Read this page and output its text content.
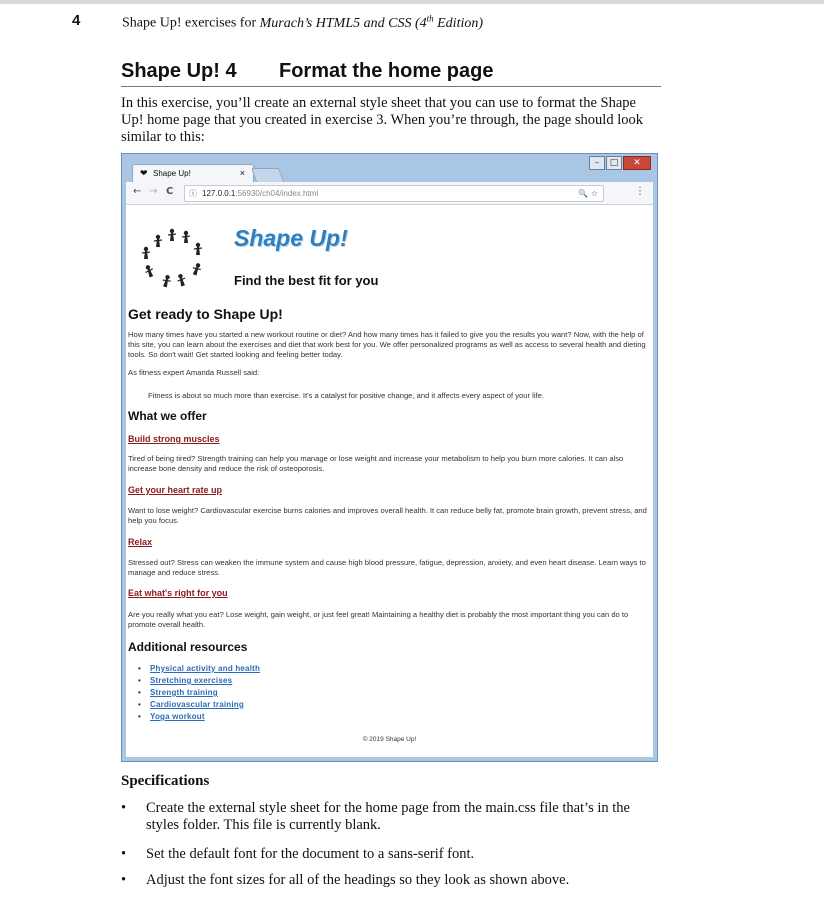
4	Shape Up! exercises for Murach’s HTML5 and CSS (4th Edition)
Shape Up! 4 Format the home page
In this exercise, you’ll create an external style sheet that you can use to format the Shape Up! home page that you created in exercise 3. When you’re through, the page should look similar to this:
–	□	✕
❤ Shape Up!	×
← → C ⓘ 127.0.0.1:56930/ch04/index.html	🔍 ☆	⋮
Shape Up!
Find the best fit for you
Get ready to Shape Up!
How many times have you started a new workout routine or diet? And how many times has it failed to give you the results you want? Now, with the help of this site, you can learn about the exercises and diet that work best for you. We offer personalized programs as well as access to several health and dieting tools. So don't wait! Get started looking and feeling better today.
As fitness expert Amanda Russell said:
Fitness is about so much more than exercise. It's a catalyst for positive change, and it affects every aspect of your life.
What we offer
Build strong muscles
Tired of being tired? Strength training can help you manage or lose weight and increase your metabolism to help you burn more calories. It can also increase bone density and reduce the risk of osteoporosis.
Get your heart rate up
Want to lose weight? Cardiovascular exercise burns calories and improves overall health. It can reduce belly fat, promote brain growth, prevent stress, and help you focus.
Relax
Stressed out? Stress can weaken the immune system and cause high blood pressure, fatigue, depression, anxiety, and even heart disease. Learn ways to manage and reduce stress.
Eat what's right for you
Are you really what you eat? Lose weight, gain weight, or just feel great! Maintaining a healthy diet is probably the most important thing you can do to promote overall health.
Additional resources
• Physical activity and health
• Stretching exercises
• Strength training
• Cardiovascular training
• Yoga workout
© 2019 Shape Up!
Specifications
• Create the external style sheet for the home page from the main.css file that’s in the styles folder. This file is currently blank.
• Set the default font for the document to a sans-serif font.
• Adjust the font sizes for all of the headings so they look as shown above.
